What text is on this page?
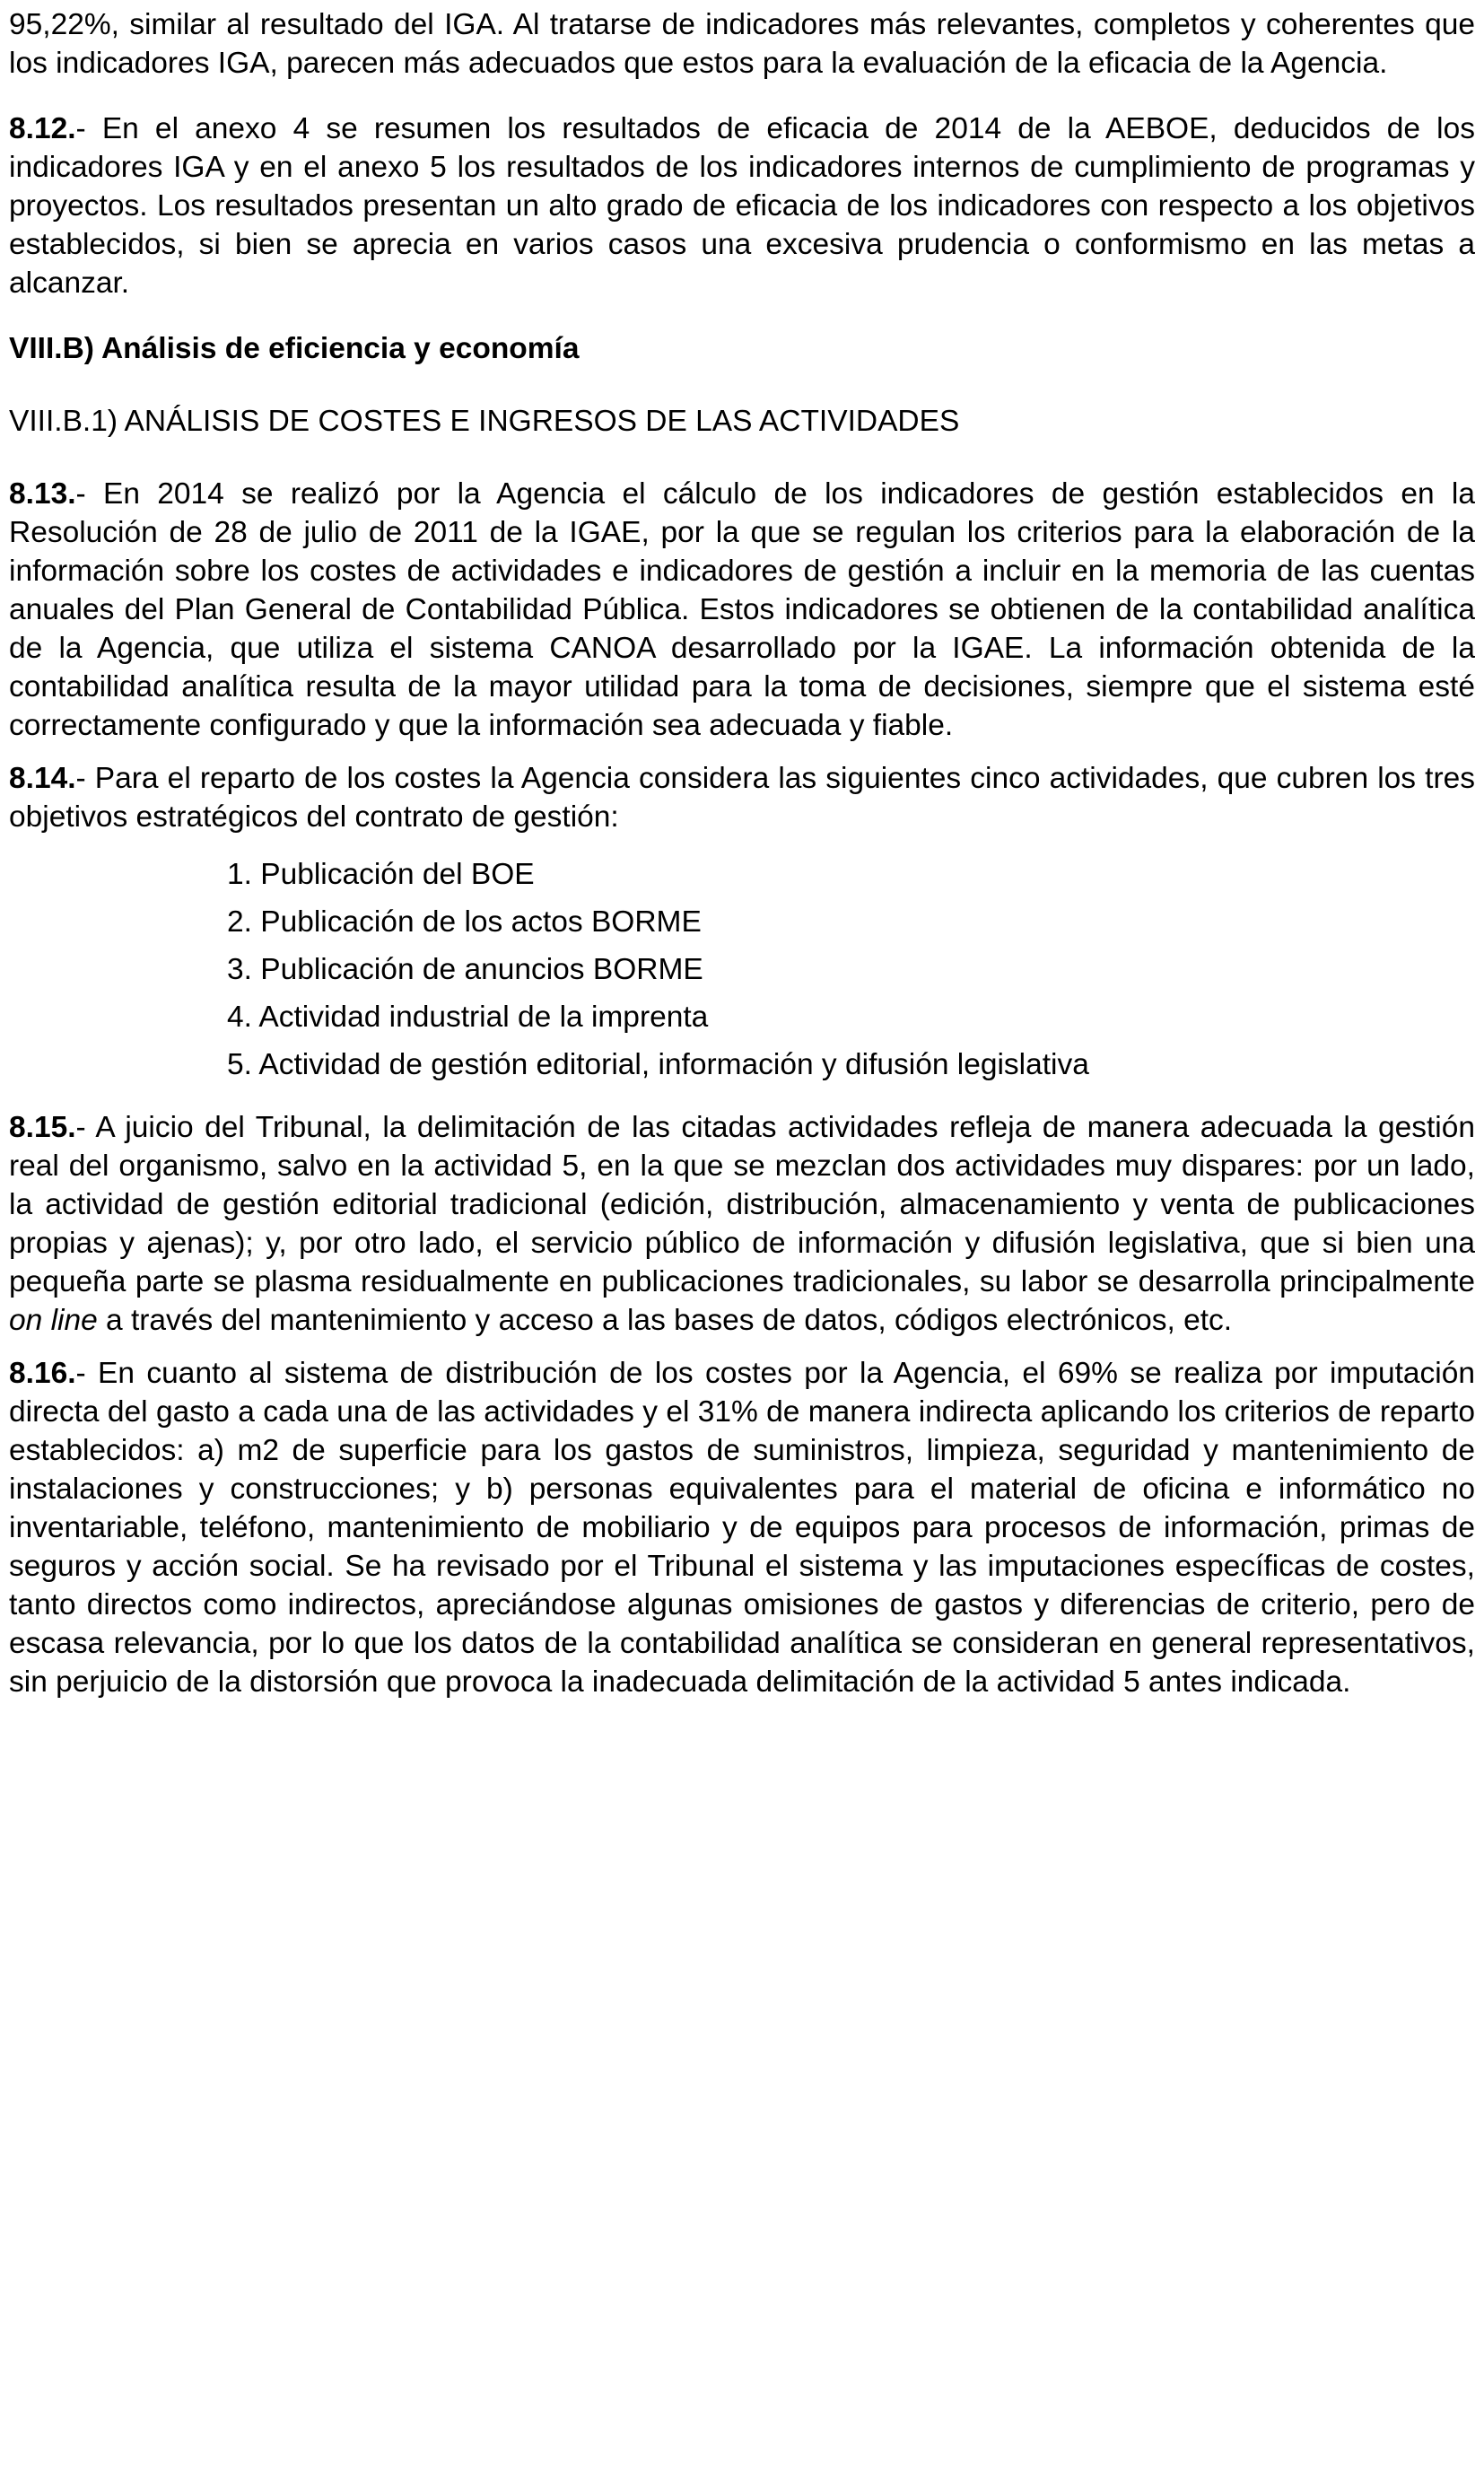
95,22%, similar al resultado del IGA. Al tratarse de indicadores más relevantes, completos y coherentes que los indicadores IGA, parecen más adecuados que estos para la evaluación de la eficacia de la Agencia.

8.12.- En el anexo 4 se resumen los resultados de eficacia de 2014 de la AEBOE, deducidos de los indicadores IGA y en el anexo 5 los resultados de los indicadores internos de cumplimiento de programas y proyectos. Los resultados presentan un alto grado de eficacia de los indicadores con respecto a los objetivos establecidos, si bien se aprecia en varios casos una excesiva prudencia o conformismo en las metas a alcanzar.

VIII.B) Análisis de eficiencia y economía
VIII.B.1) ANÁLISIS DE COSTES E INGRESOS DE LAS ACTIVIDADES

8.13.- En 2014 se realizó por la Agencia el cálculo de los indicadores de gestión establecidos en la Resolución de 28 de julio de 2011 de la IGAE, por la que se regulan los criterios para la elaboración de la información sobre los costes de actividades e indicadores de gestión a incluir en la memoria de las cuentas anuales del Plan General de Contabilidad Pública. Estos indicadores se obtienen de la contabilidad analítica de la Agencia, que utiliza el sistema CANOA desarrollado por la IGAE. La información obtenida de la contabilidad analítica resulta de la mayor utilidad para la toma de decisiones, siempre que el sistema esté correctamente configurado y que la información sea adecuada y fiable.

8.14.- Para el reparto de los costes la Agencia considera las siguientes cinco actividades, que cubren los tres objetivos estratégicos del contrato de gestión:

1. Publicación del BOE
2. Publicación de los actos BORME
3. Publicación de anuncios BORME
4. Actividad industrial de la imprenta
5. Actividad de gestión editorial, información y difusión legislativa

8.15.- A juicio del Tribunal, la delimitación de las citadas actividades refleja de manera adecuada la gestión real del organismo, salvo en la actividad 5, en la que se mezclan dos actividades muy dispares: por un lado, la actividad de gestión editorial tradicional (edición, distribución, almacenamiento y venta de publicaciones propias y ajenas); y, por otro lado, el servicio público de información y difusión legislativa, que si bien una pequeña parte se plasma residualmente en publicaciones tradicionales, su labor se desarrolla principalmente on line a través del mantenimiento y acceso a las bases de datos, códigos electrónicos, etc.

8.16.- En cuanto al sistema de distribución de los costes por la Agencia, el 69% se realiza por imputación directa del gasto a cada una de las actividades y el 31% de manera indirecta aplicando los criterios de reparto establecidos: a) m2 de superficie para los gastos de suministros, limpieza, seguridad y mantenimiento de instalaciones y construcciones; y b) personas equivalentes para el material de oficina e informático no inventariable, teléfono, mantenimiento de mobiliario y de equipos para procesos de información, primas de seguros y acción social. Se ha revisado por el Tribunal el sistema y las imputaciones específicas de costes, tanto directos como indirectos, apreciándose algunas omisiones de gastos y diferencias de criterio, pero de escasa relevancia, por lo que los datos de la contabilidad analítica se consideran en general representativos, sin perjuicio de la distorsión que provoca la inadecuada delimitación de la actividad 5 antes indicada.
